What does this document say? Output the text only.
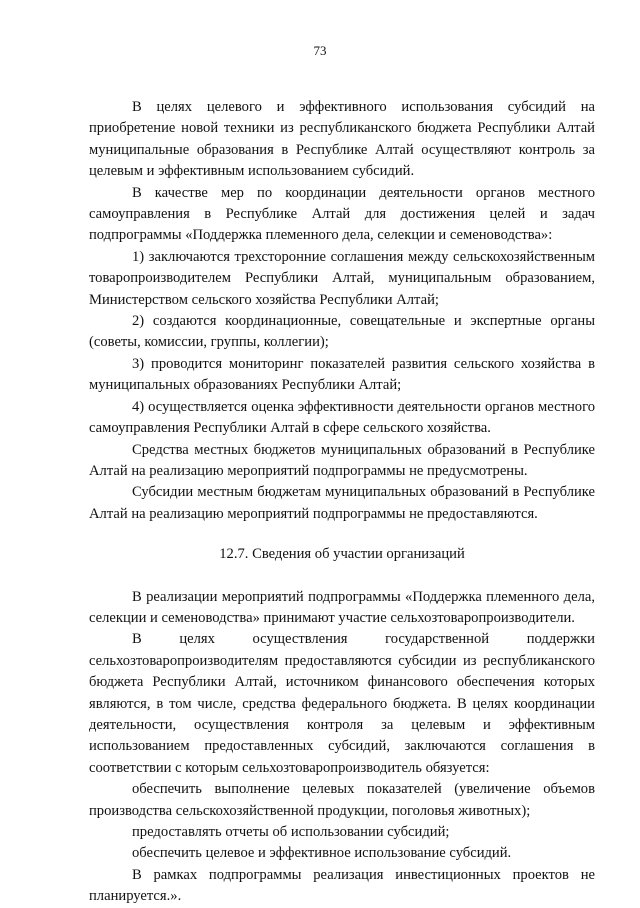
73

В целях целевого и эффективного использования субсидий на приобретение новой техники из республиканского бюджета Республики Алтай муниципальные образования в Республике Алтай осуществляют контроль за целевым и эффективным использованием субсидий.

В качестве мер по координации деятельности органов местного самоуправления в Республике Алтай для достижения целей и задач подпрограммы «Поддержка племенного дела, селекции и семеноводства»:

1) заключаются трехсторонние соглашения между сельскохозяйственным товаропроизводителем Республики Алтай, муниципальным образованием, Министерством сельского хозяйства Республики Алтай;

2) создаются координационные, совещательные и экспертные органы (советы, комиссии, группы, коллегии);

3) проводится мониторинг показателей развития сельского хозяйства в муниципальных образованиях Республики Алтай;

4) осуществляется оценка эффективности деятельности органов местного самоуправления Республики Алтай в сфере сельского хозяйства.

Средства местных бюджетов муниципальных образований в Республике Алтай на реализацию мероприятий подпрограммы не предусмотрены.

Субсидии местным бюджетам муниципальных образований в Республике Алтай на реализацию мероприятий подпрограммы не предоставляются.

12.7. Сведения об участии организаций

В реализации мероприятий подпрограммы «Поддержка племенного дела, селекции и семеноводства» принимают участие сельхозтоваропроизводители.

В целях осуществления государственной поддержки сельхозтоваропроизводителям предоставляются субсидии из республиканского бюджета Республики Алтай, источником финансового обеспечения которых являются, в том числе, средства федерального бюджета. В целях координации деятельности, осуществления контроля за целевым и эффективным использованием предоставленных субсидий, заключаются соглашения в соответствии с которым сельхозтоваропроизводитель обязуется:

обеспечить выполнение целевых показателей (увеличение объемов производства сельскохозяйственной продукции, поголовья животных);

предоставлять отчеты об использовании субсидий;

обеспечить целевое и эффективное использование субсидий.

В рамках подпрограммы реализация инвестиционных проектов не планируется.».
